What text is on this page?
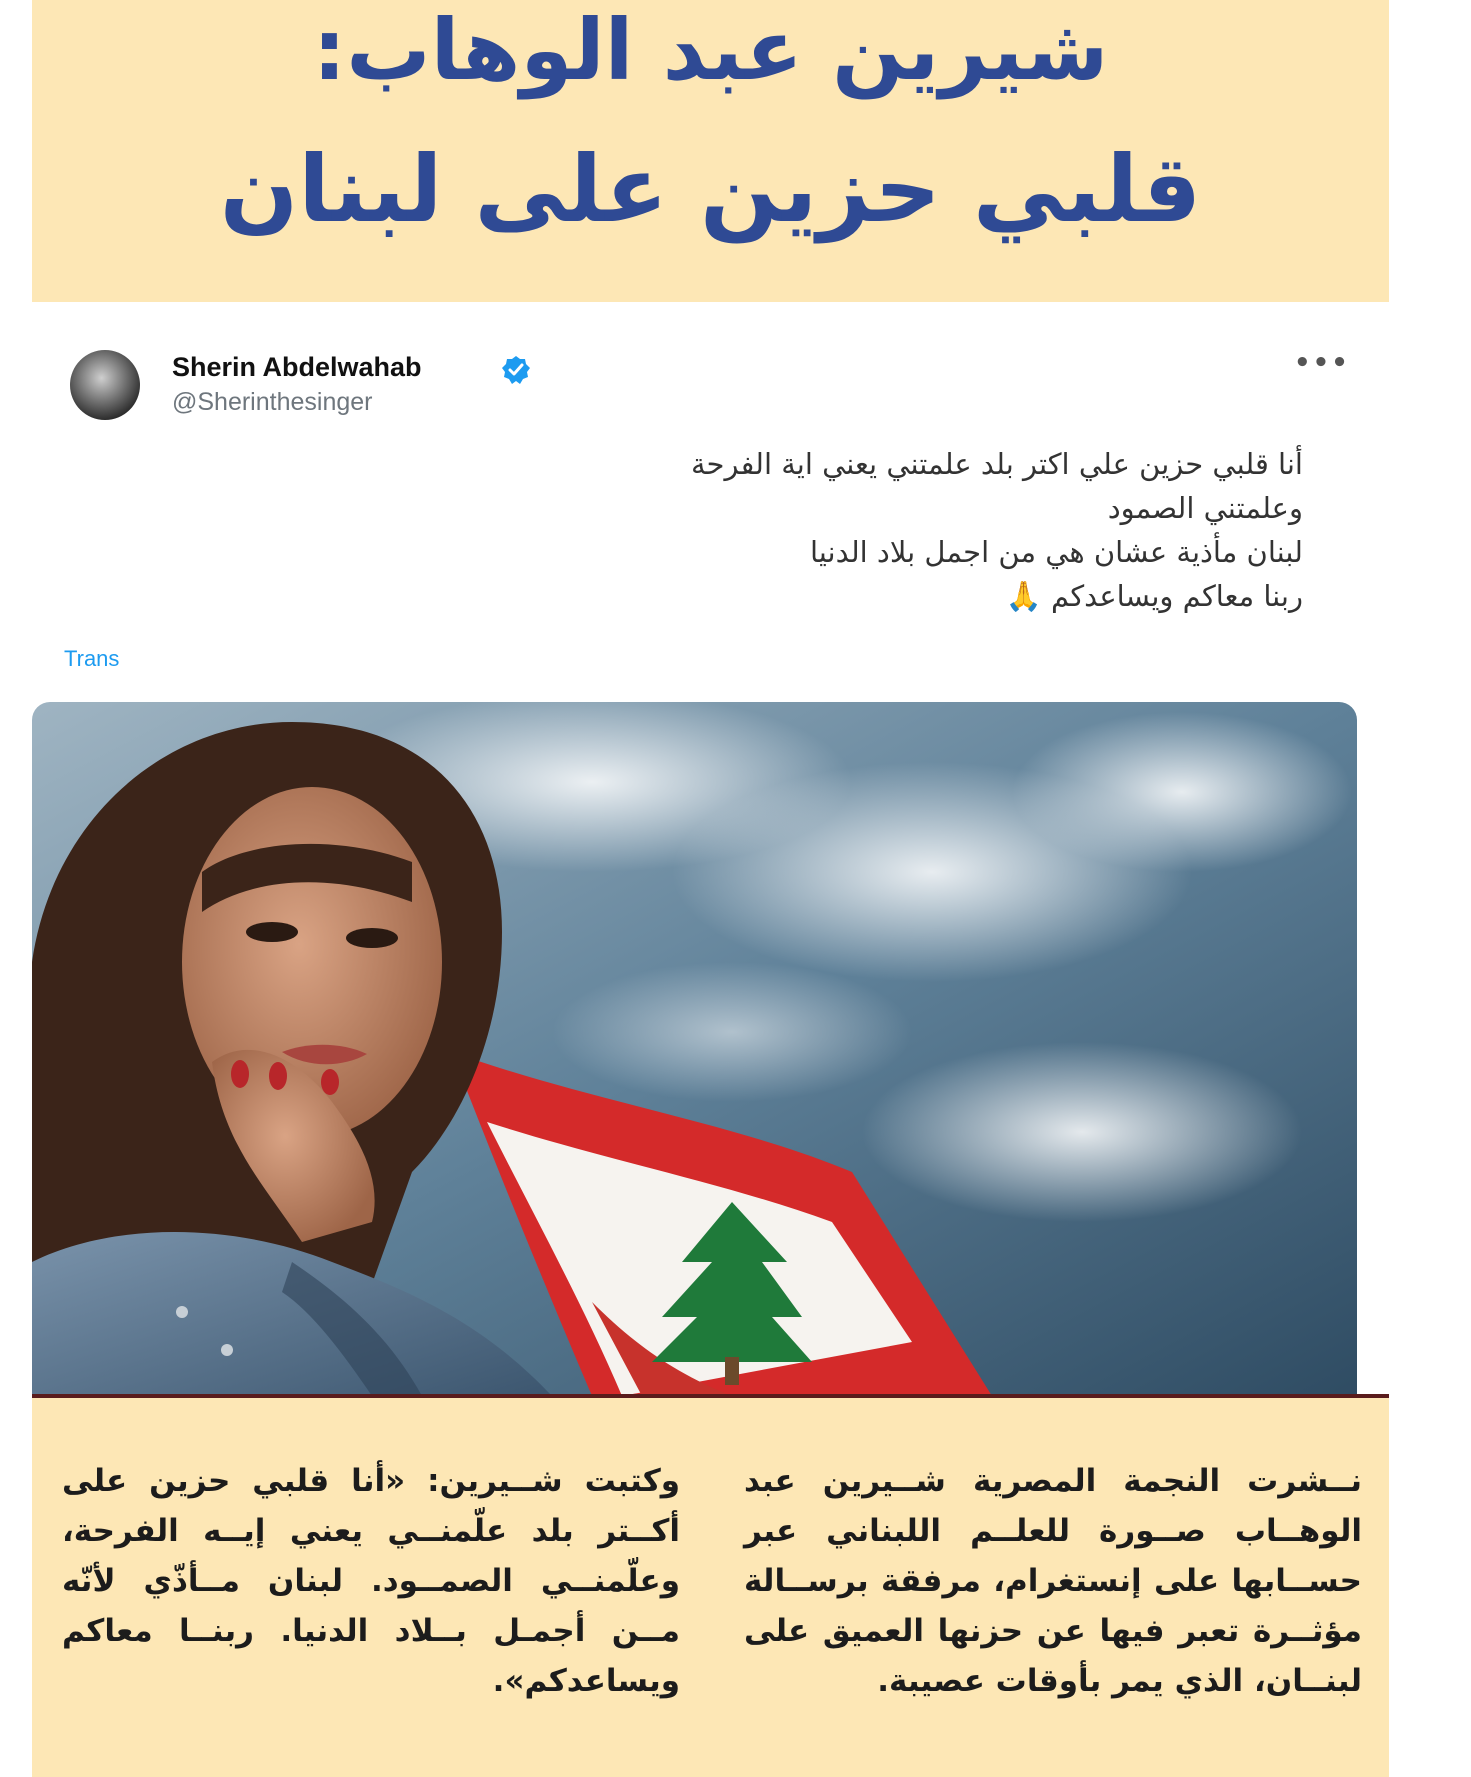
شيرين عبد الوهاب:
قلبي حزين على لبنان
Sherin Abdelwahab
@Sherinthesinger
•••
أنا قلبي حزين علي اكتر بلد علمتني يعني اية الفرحة
وعلمتني الصمود
لبنان مأذية عشان هي من اجمل بلاد الدنيا
ربنا معاكم ويساعدكم 🙏
Trans

نــشرت النجمة المصرية شــيرين عبد الوهــاب صــورة للعلــم اللبناني عبر حســابها على إنستغرام، مرفقة برســالة مؤثــرة تعبر فيها عن حزنها العميق على لبنــان، الذي يمر بأوقات عصيبة.

وكتبت شــيرين: «أنا قلبي حزين على أكــتر بلد علّمنــي يعني إيــه الفرحة، وعلّمنــي الصمــود. لبنان مــأذّي لأنّه مــن أجمـل بــلاد الدنيا. ربنــا معاكم ويساعدكم».
